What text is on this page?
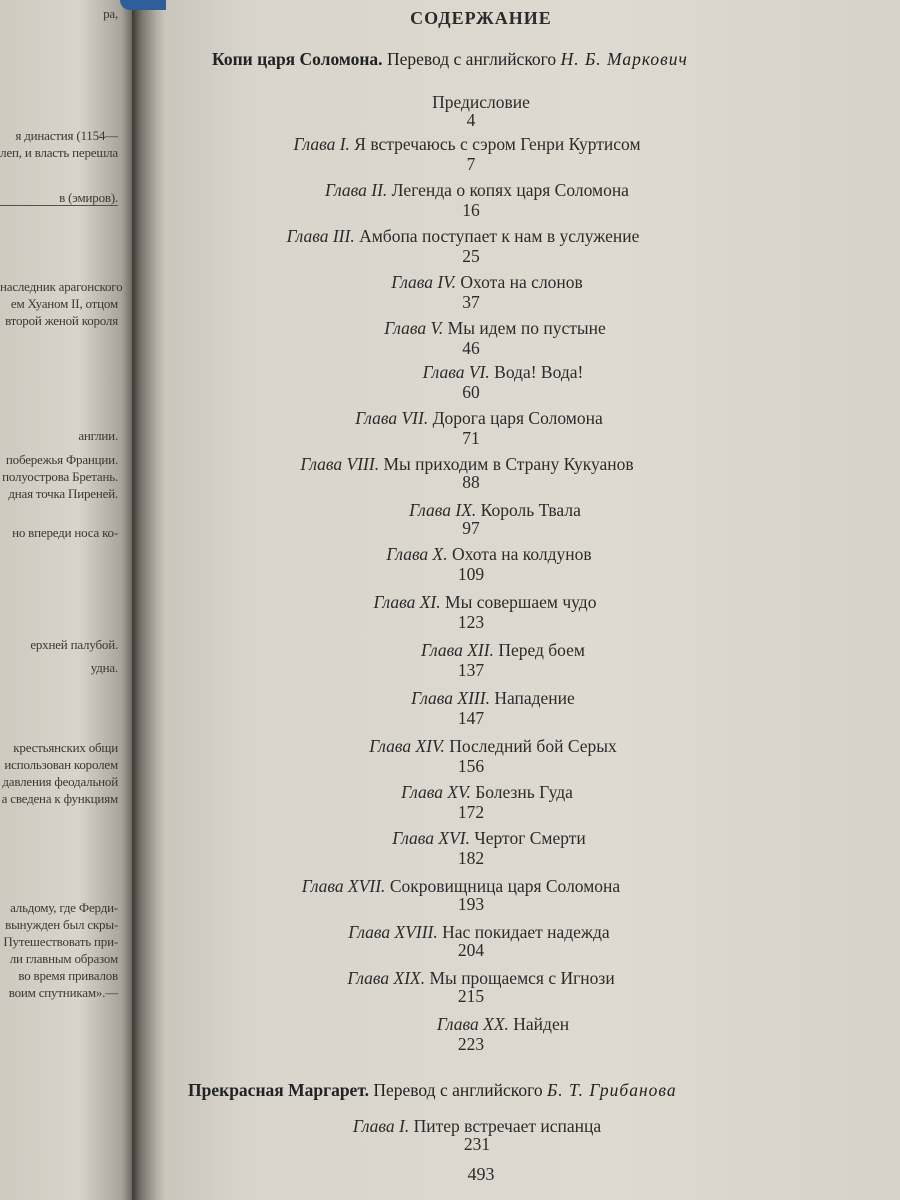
ра,
я династия (1154—
леп, и власть перешла
в (эмиров).
наследник арагонского
ем Хуаном II, отцом
второй женой короля
англии.
побережья Франции.
полуострова Бретань.
дная точка Пиреней.
но впереди носа ко-
ерхней палубой.
удна.
крестьянских общи
использован королем
давления феодальной
а сведена к функциям
альдому, где Ферди-
вынужден был скры-
Путешествовать при-
ли главным образом
во время привалов
воим спутникам».—
СОДЕРЖАНИЕ
Копи царя Соломона. Перевод с английского Н. Б. Маркович
Прекрасная Маргарет. Перевод с английского Б. Т. Грибанова
493
Предисловие
4
Глава I. Я встречаюсь с сэром Генри Куртисом
7
Глава II. Легенда о копях царя Соломона
16
Глава III. Амбопа поступает к нам в услужение
25
Глава IV. Охота на слонов
37
Глава V. Мы идем по пустыне
46
Глава VI. Вода! Вода!
60
Глава VII. Дорога царя Соломона
71
Глава VIII. Мы приходим в Страну Кукуанов
88
Глава IX. Король Твала
97
Глава X. Охота на колдунов
109
Глава XI. Мы совершаем чудо
123
Глава XII. Перед боем
137
Глава XIII. Нападение
147
Глава XIV. Последний бой Серых
156
Глава XV. Болезнь Гуда
172
Глава XVI. Чертог Смерти
182
Глава XVII. Сокровищница царя Соломона
193
Глава XVIII. Нас покидает надежда
204
Глава XIX. Мы прощаемся с Игнози
215
Глава XX. Найден
223
Глава I. Питер встречает испанца
231
